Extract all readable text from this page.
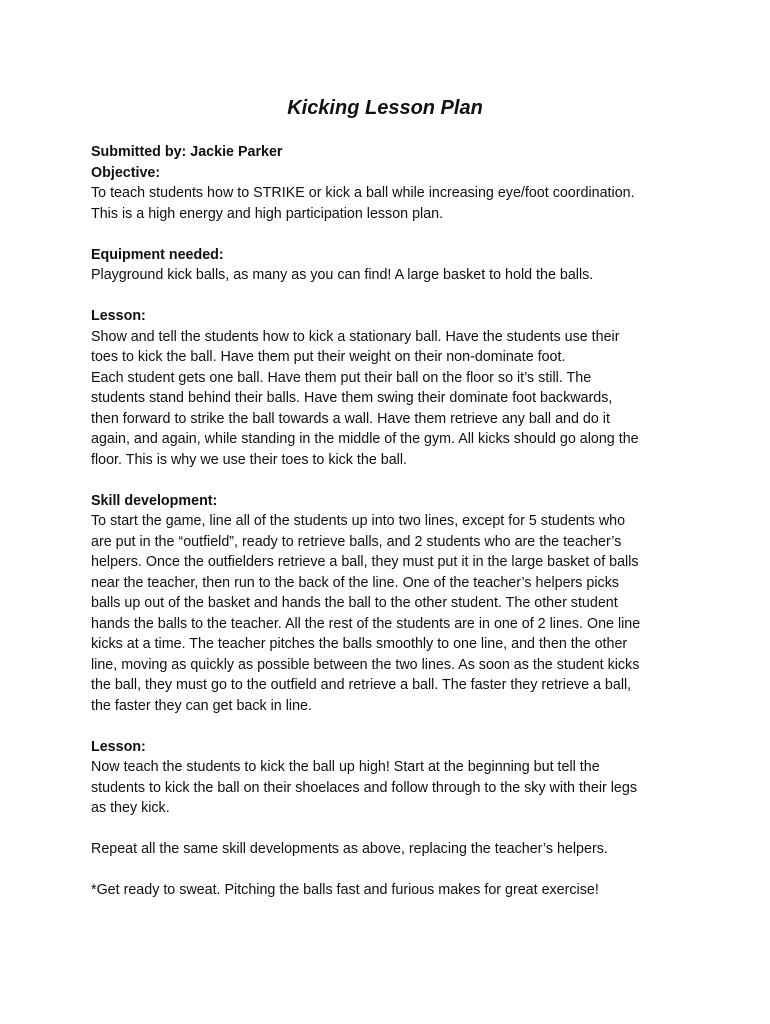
Kicking Lesson Plan
Submitted by: Jackie Parker
Objective:
To teach students how to STRIKE or kick a ball while increasing eye/foot coordination.
This is a high energy and high participation lesson plan.
Equipment needed:
Playground kick balls, as many as you can find! A large basket to hold the balls.
Lesson:
Show and tell the students how to kick a stationary ball. Have the students use their
toes to kick the ball. Have them put their weight on their non-dominate foot.
Each student gets one ball. Have them put their ball on the floor so it’s still. The
students stand behind their balls. Have them swing their dominate foot backwards,
then forward to strike the ball towards a wall. Have them retrieve any ball and do it
again, and again, while standing in the middle of the gym. All kicks should go along the
floor. This is why we use their toes to kick the ball.
Skill development:
To start the game, line all of the students up into two lines, except for 5 students who
are put in the “outfield”, ready to retrieve balls, and 2 students who are the teacher’s
helpers. Once the outfielders retrieve a ball, they must put it in the large basket of balls
near the teacher, then run to the back of the line. One of the teacher’s helpers picks
balls up out of the basket and hands the ball to the other student. The other student
hands the balls to the teacher. All the rest of the students are in one of 2 lines. One line
kicks at a time. The teacher pitches the balls smoothly to one line, and then the other
line, moving as quickly as possible between the two lines. As soon as the student kicks
the ball, they must go to the outfield and retrieve a ball. The faster they retrieve a ball,
the faster they can get back in line.
Lesson:
Now teach the students to kick the ball up high! Start at the beginning but tell the
students to kick the ball on their shoelaces and follow through to the sky with their legs
as they kick.
Repeat all the same skill developments as above, replacing the teacher’s helpers.
*Get ready to sweat. Pitching the balls fast and furious makes for great exercise!
